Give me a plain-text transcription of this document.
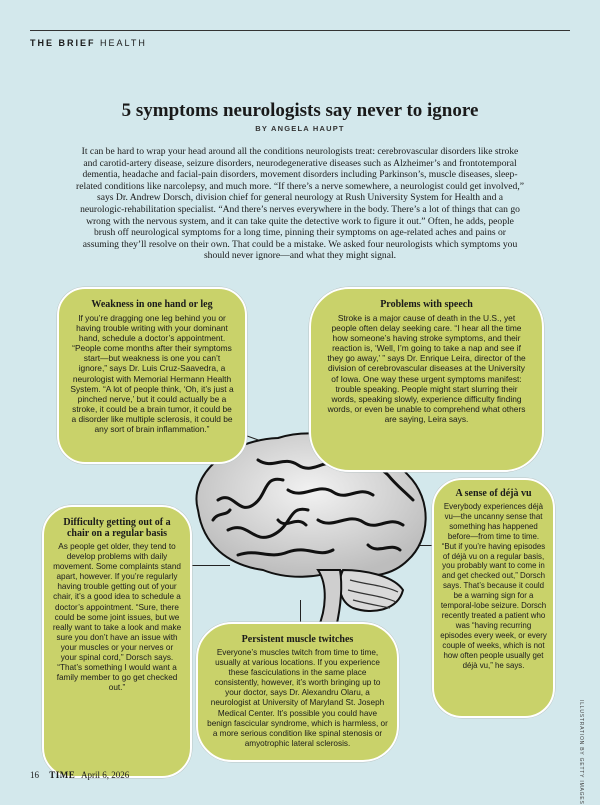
THE BRIEF HEALTH
5 symptoms neurologists say never to ignore
BY ANGELA HAUPT

It can be hard to wrap your head around all the conditions neurologists treat: cerebrovascular disorders like stroke and carotid-artery disease, seizure disorders, neurodegenerative diseases such as Alzheimer’s and frontotemporal dementia, headache and facial-pain disorders, movement disorders including Parkinson’s, muscle diseases, sleep-related conditions like narcolepsy, and much more. “If there’s a nerve somewhere, a neurologist could get involved,” says Dr. Andrew Dorsch, division chief for general neurology at Rush University System for Health and a neurologic-rehabilitation specialist. “And there’s nerves everywhere in the body. There’s a lot of things that can go wrong with the nervous system, and it can take quite the detective work to figure it out.” Often, he adds, people brush off neurological symptoms for a long time, pinning their symptoms on age-related aches and pains or assuming they’ll resolve on their own. That could be a mistake. We asked four neurologists which symptoms you should never ignore—and what they might signal.

Weakness in one hand or leg

If you’re dragging one leg behind you or having trouble writing with your dominant hand, schedule a doctor’s appointment. “People come months after their symptoms start—but weakness is one you can’t ignore,” says Dr. Luis Cruz-Saavedra, a neurologist with Memorial Hermann Health System. “A lot of people think, ‘Oh, it’s just a pinched nerve,’ but it could actually be a stroke, it could be a brain tumor, it could be a disorder like multiple sclerosis, it could be any sort of brain inflammation.”

Problems with speech

Stroke is a major cause of death in the U.S., yet people often delay seeking care. “I hear all the time how someone’s having stroke symptoms, and their reaction is, ‘Well, I’m going to take a nap and see if they go away,’ ” says Dr. Enrique Leira, director of the division of cerebrovascular diseases at the University of Iowa. One way these urgent symptoms manifest: trouble speaking. People might start slurring their words, speaking slowly, experience difficulty finding words, or even be unable to comprehend what others are saying, Leira says.

Difficulty getting out of a chair on a regular basis

As people get older, they tend to develop problems with daily movement. Some complaints stand apart, however. If you’re regularly having trouble getting out of your chair, it’s a good idea to schedule a doctor’s appointment. “Sure, there could be some joint issues, but we really want to take a look and make sure you don’t have an issue with your muscles or your nerves or your spinal cord,” Dorsch says. “That’s something I would want a family member to go get checked out.”

A sense of déjà vu

Everybody experiences déjà vu—the uncanny sense that something has happened before—from time to time. “But if you’re having episodes of déjà vu on a regular basis, you probably want to come in and get checked out,” Dorsch says. That’s because it could be a warning sign for a temporal-lobe seizure. Dorsch recently treated a patient who was “having recurring episodes every week, or every couple of weeks, which is not how often people usually get déjà vu,” he says.

Persistent muscle twitches

Everyone’s muscles twitch from time to time, usually at various locations. If you experience these fasciculations in the same place consistently, however, it’s worth bringing up to your doctor, says Dr. Alexandru Olaru, a neurologist at University of Maryland St. Joseph Medical Center. It’s possible you could have benign fascicular syndrome, which is harmless, or a more serious condition like spinal stenosis or amyotrophic lateral sclerosis.	ILLUSTRATION BY GETTY IMAGES
16 TIME April 6, 2026
